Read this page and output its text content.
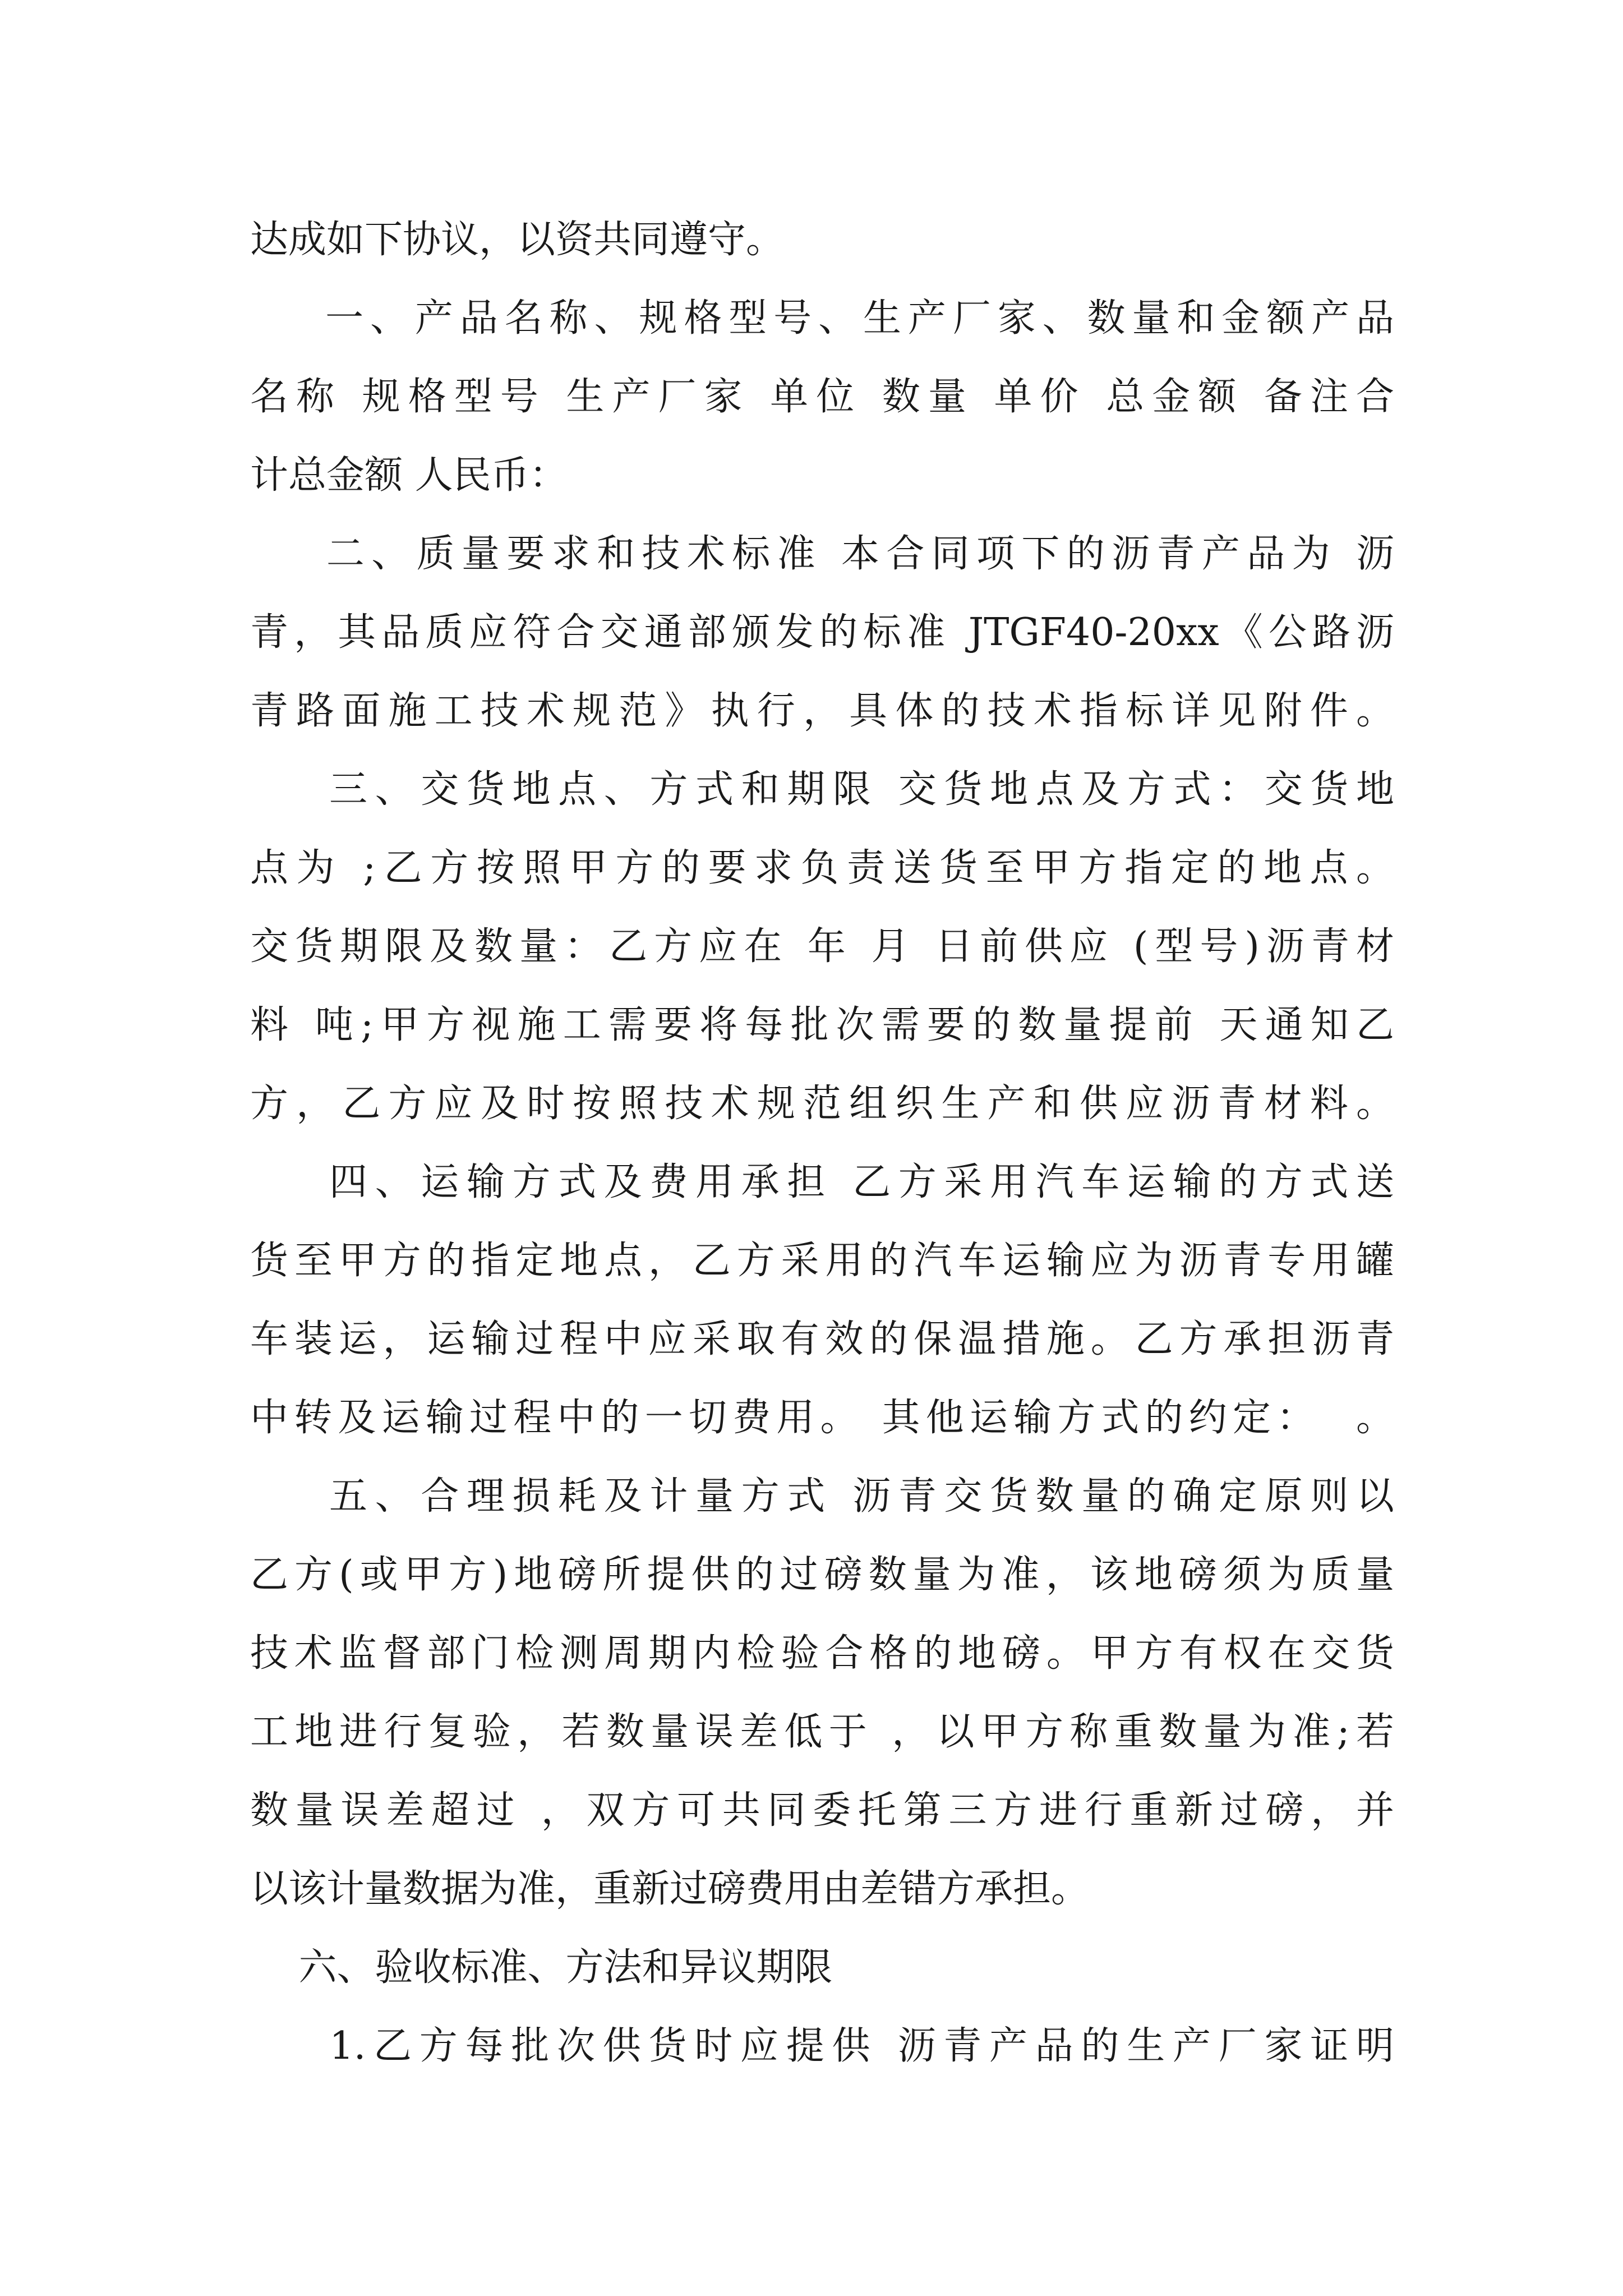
达成如下协议，以资共同遵守。
一、产品名称、规格型号、生产厂家、数量和金额产品
名称 规格型号 生产厂家 单位 数量 单价 总金额 备注合
计总金额 人民币：
二、质量要求和技术标准 本合同项下的沥青产品为 沥
青，其品质应符合交通部颁发的标准 JTGF40-20xx《公路沥
青路面施工技术规范》执行，具体的技术指标详见附件。
三、交货地点、方式和期限 交货地点及方式：交货地
点为 ;乙方按照甲方的要求负责送货至甲方指定的地点。
交货期限及数量：乙方应在 年 月 日前供应 (型号)沥青材
料 吨;甲方视施工需要将每批次需要的数量提前 天通知乙
方，乙方应及时按照技术规范组织生产和供应沥青材料。
四、运输方式及费用承担 乙方采用汽车运输的方式送
货至甲方的指定地点，乙方采用的汽车运输应为沥青专用罐
车装运，运输过程中应采取有效的保温措施。乙方承担沥青
中转及运输过程中的一切费用。 其他运输方式的约定：  。
五、合理损耗及计量方式 沥青交货数量的确定原则以
乙方(或甲方)地磅所提供的过磅数量为准，该地磅须为质量
技术监督部门检测周期内检验合格的地磅。甲方有权在交货
工地进行复验，若数量误差低于 ，以甲方称重数量为准;若
数量误差超过 ，双方可共同委托第三方进行重新过磅，并
以该计量数据为准，重新过磅费用由差错方承担。
六、验收标准、方法和异议期限
1.乙方每批次供货时应提供 沥青产品的生产厂家证明
